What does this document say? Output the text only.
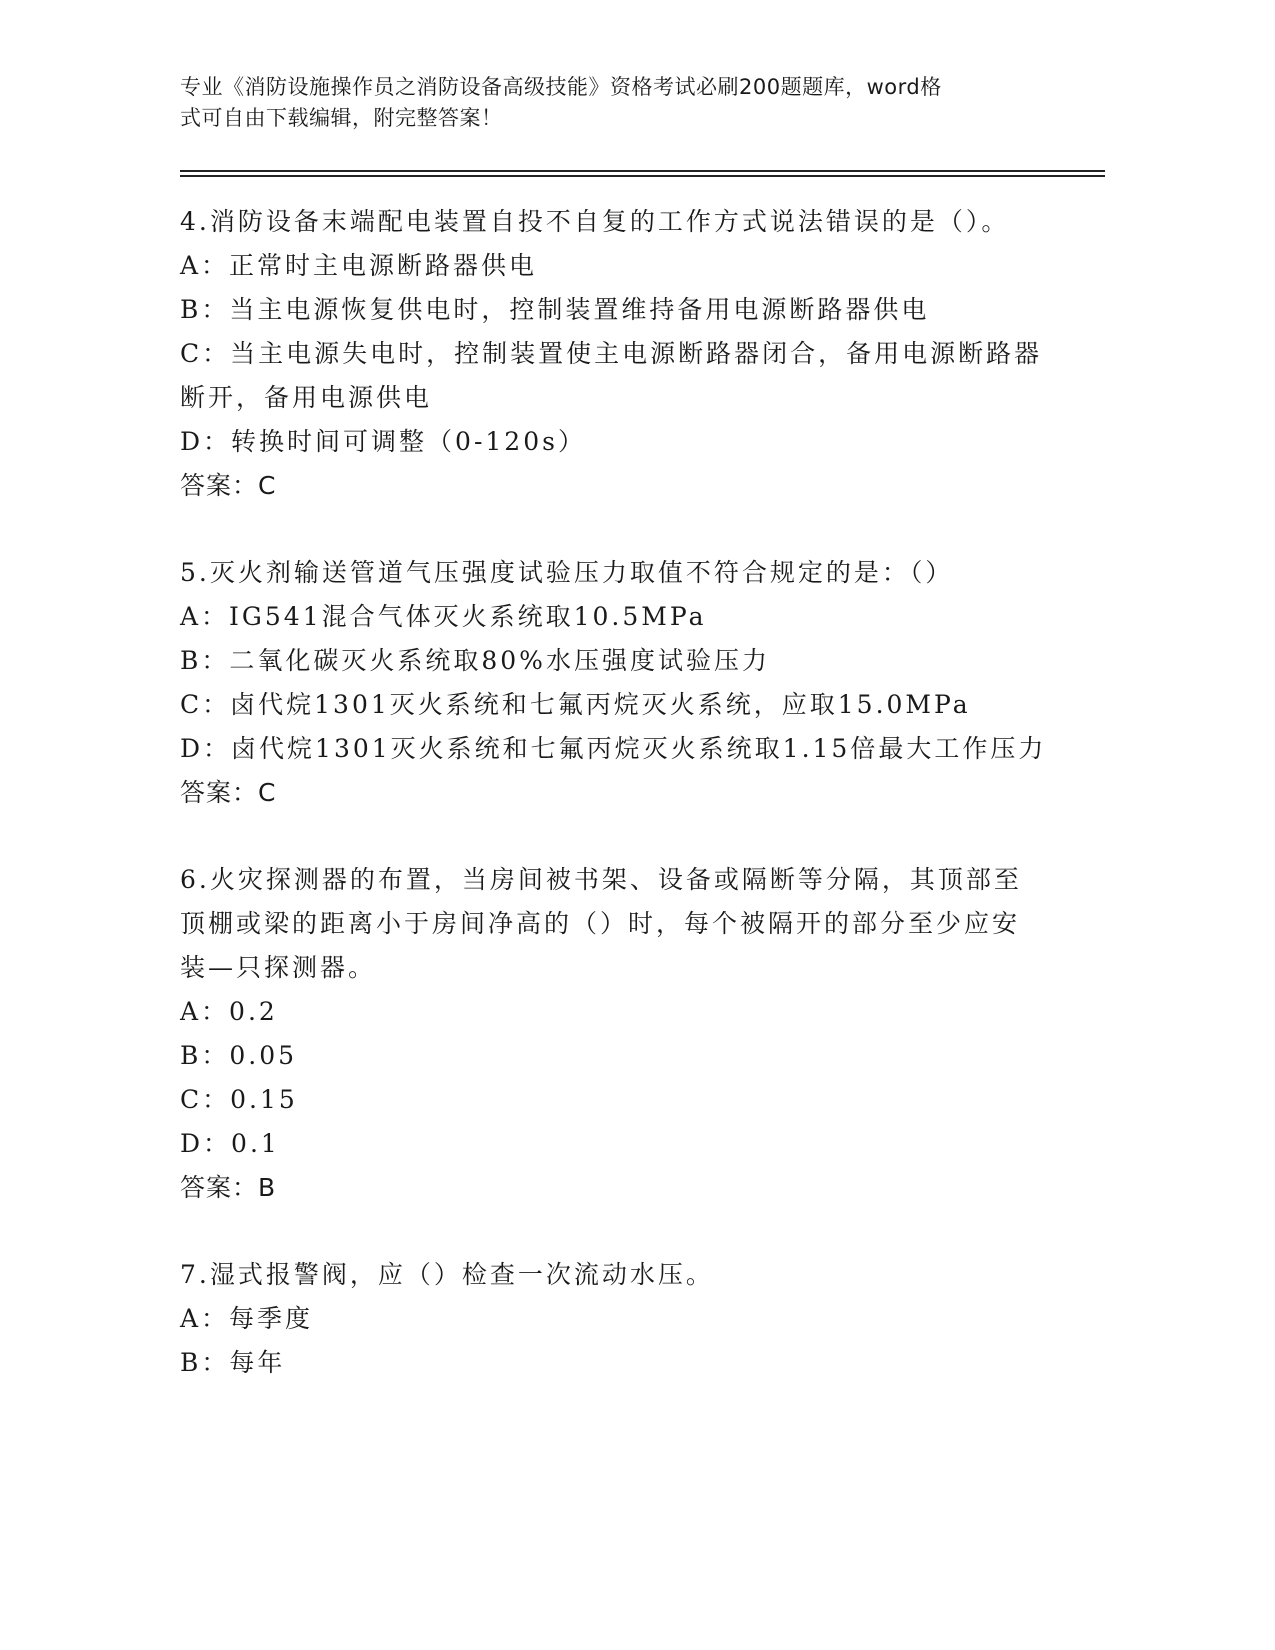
专业《消防设施操作员之消防设备高级技能》资格考试必刷200题题库，word格
式可自由下载编辑，附完整答案！
4.消防设备末端配电装置自投不自复的工作方式说法错误的是（）。
A：正常时主电源断路器供电
B：当主电源恢复供电时，控制装置维持备用电源断路器供电
C：当主电源失电时，控制装置使主电源断路器闭合，备用电源断路器
断开，备用电源供电
D：转换时间可调整（0-120s）
答案：C
5.灭火剂输送管道气压强度试验压力取值不符合规定的是：（）
A：IG541混合气体灭火系统取10.5MPa
B：二氧化碳灭火系统取80%水压强度试验压力
C：卤代烷1301灭火系统和七氟丙烷灭火系统，应取15.0MPa
D：卤代烷1301灭火系统和七氟丙烷灭火系统取1.15倍最大工作压力
答案：C
6.火灾探测器的布置，当房间被书架、设备或隔断等分隔，其顶部至
顶棚或梁的距离小于房间净高的（）时，每个被隔开的部分至少应安
装—只探测器。
A：0.2
B：0.05
C：0.15
D：0.1
答案：B
7.湿式报警阀，应（）检查一次流动水压。
A：每季度
B：每年
